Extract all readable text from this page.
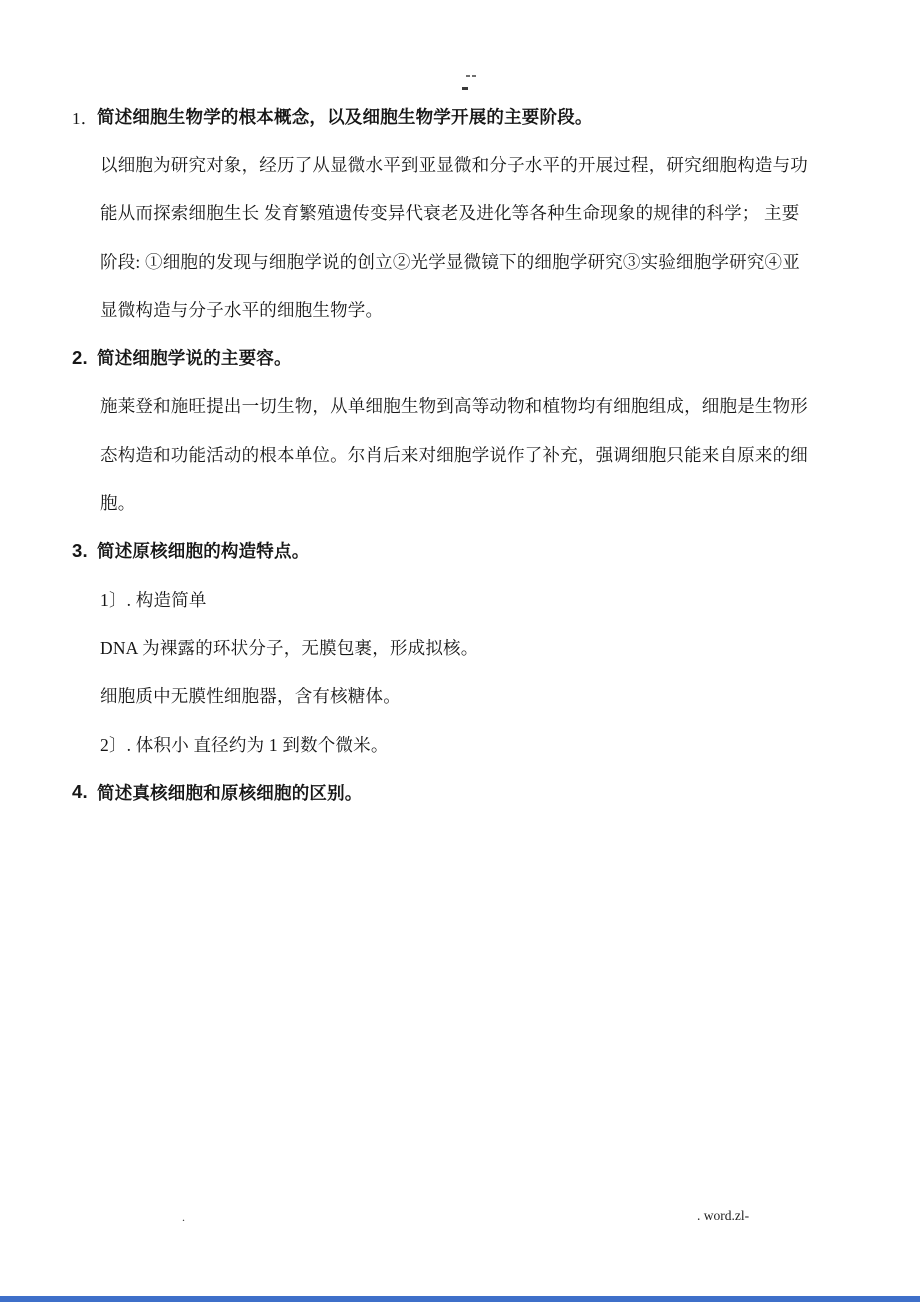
1． 简述细胞生物学的根本概念，以及细胞生物学开展的主要阶段。
以细胞为研究对象，经历了从显微水平到亚显微和分子水平的开展过程，研究细胞构造与功
能从而探索细胞生长 发育繁殖遗传变异代衰老及进化等各种生命现象的规律的科学； 主要
阶段: ①细胞的发现与细胞学说的创立②光学显微镜下的细胞学研究③实验细胞学研究④亚
显微构造与分子水平的细胞生物学。
2. 简述细胞学说的主要容。
施莱登和施旺提出一切生物，从单细胞生物到高等动物和植物均有细胞组成，细胞是生物形
态构造和功能活动的根本单位。尔肖后来对细胞学说作了补充，强调细胞只能来自原来的细
胞。
3. 简述原核细胞的构造特点。
1〕. 构造简单
DNA 为裸露的环状分子，无膜包裹，形成拟核。
细胞质中无膜性细胞器，含有核糖体。
2〕. 体积小 直径约为 1 到数个微米。
4. 简述真核细胞和原核细胞的区别。
.	. word.zl-
